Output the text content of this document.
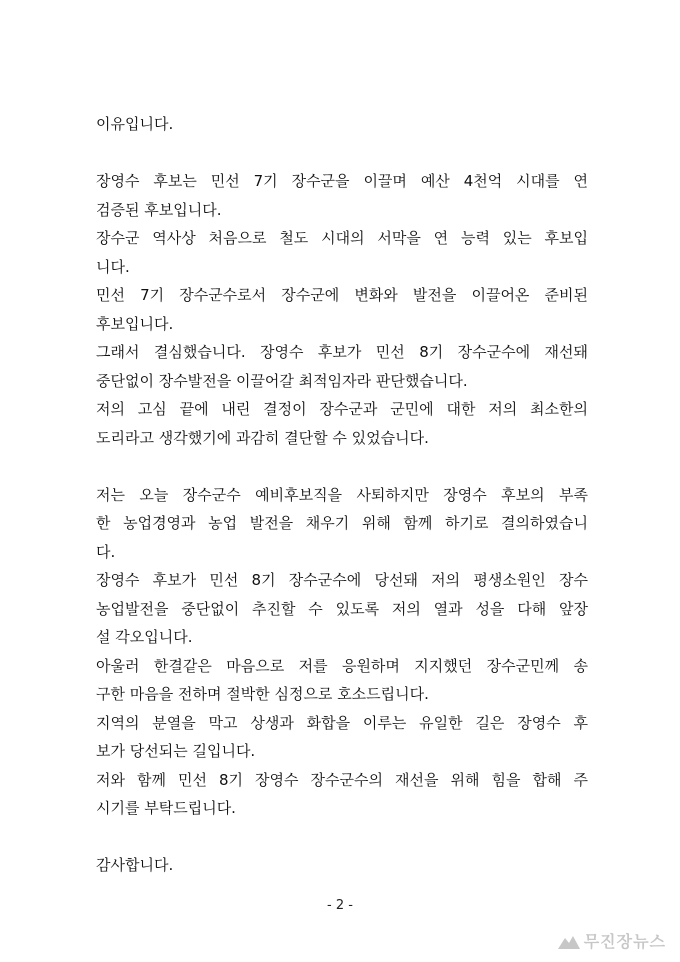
이유입니다.
장영수 후보는 민선 7기 장수군을 이끌며 예산 4천억 시대를 연
검증된 후보입니다.
장수군 역사상 처음으로 철도 시대의 서막을 연 능력 있는 후보입
니다.
민선 7기 장수군수로서 장수군에 변화와 발전을 이끌어온 준비된
후보입니다.
그래서 결심했습니다. 장영수 후보가 민선 8기 장수군수에 재선돼
중단없이 장수발전을 이끌어갈 최적임자라 판단했습니다.
저의 고심 끝에 내린 결정이 장수군과 군민에 대한 저의 최소한의
도리라고 생각했기에 과감히 결단할 수 있었습니다.
저는 오늘 장수군수 예비후보직을 사퇴하지만 장영수 후보의 부족
한 농업경영과 농업 발전을 채우기 위해 함께 하기로 결의하였습니
다.
장영수 후보가 민선 8기 장수군수에 당선돼 저의 평생소원인 장수
농업발전을 중단없이 추진할 수 있도록 저의 열과 성을 다해 앞장
설 각오입니다.
아울러 한결같은 마음으로 저를 응원하며 지지했던 장수군민께 송
구한 마음을 전하며 절박한 심정으로 호소드립니다.
지역의 분열을 막고 상생과 화합을 이루는 유일한 길은 장영수 후
보가 당선되는 길입니다.
저와 함께 민선 8기 장영수 장수군수의 재선을 위해 힘을 합해 주
시기를 부탁드립니다.
감사합니다.
- 2 -
무진장뉴스
